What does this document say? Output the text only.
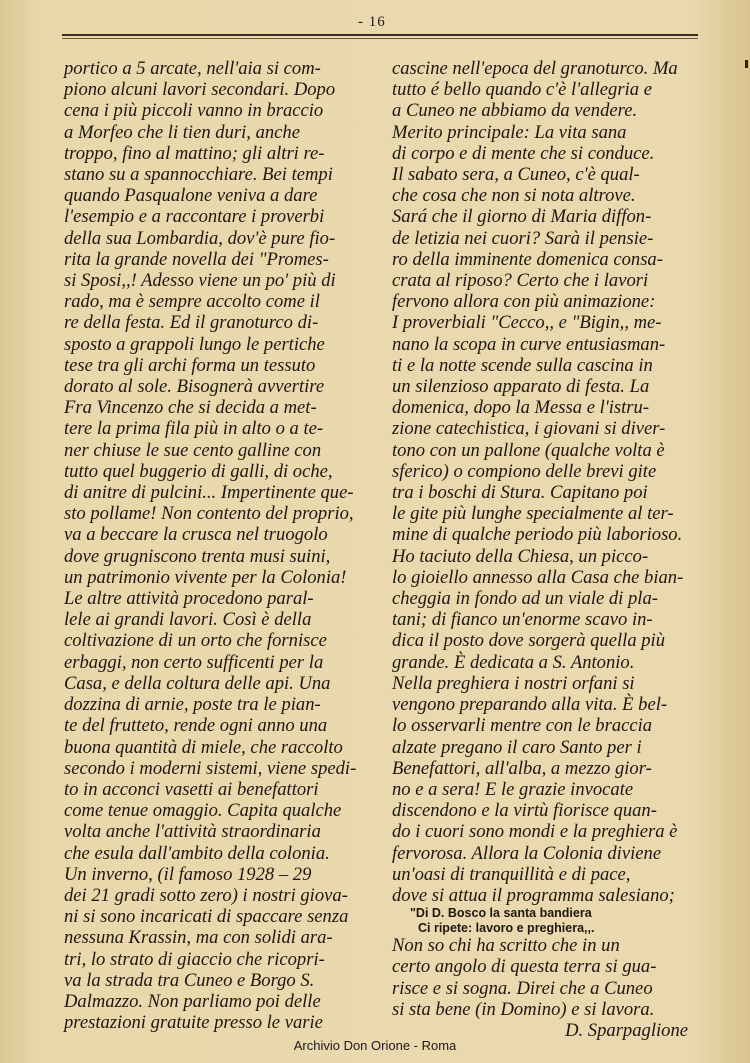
- 16
portico a 5 arcate, nell'aia si com-
piono alcuni lavori secondari. Dopo
cena i più piccoli vanno in braccio
a Morfeo che li tien duri, anche
troppo, fino al mattino; gli altri re-
stano su a spannocchiare. Bei tempi
quando Pasqualone veniva a dare
l'esempio e a raccontare i proverbi
della sua Lombardia, dov'è pure fio-
rita la grande novella dei "Promes-
si Sposi,,! Adesso viene un po' più di
rado, ma è sempre accolto come il
re della festa. Ed il granoturco di-
sposto a grappoli lungo le pertiche
tese tra gli archi forma un tessuto
dorato al sole. Bisognerà avvertire
Fra Vincenzo che si decida a met-
tere la prima fila più in alto o a te-
ner chiuse le sue cento galline con
tutto quel buggerio di galli, di oche,
di anitre di pulcini... Impertinente que-
sto pollame! Non contento del proprio,
va a beccare la crusca nel truogolo
dove grugniscono trenta musi suini,
un patrimonio vivente per la Colonia!
Le altre attività procedono paral-
lele ai grandi lavori. Così è della
coltivazione di un orto che fornisce
erbaggi, non certo sufficenti per la
Casa, e della coltura delle api. Una
dozzina di arnie, poste tra le pian-
te del frutteto, rende ogni anno una
buona quantità di miele, che raccolto
secondo i moderni sistemi, viene spedi-
to in acconci vasetti ai benefattori
come tenue omaggio. Capita qualche
volta anche l'attività straordinaria
che esula dall'ambito della colonia.
Un inverno, (il famoso 1928 – 29
dei 21 gradi sotto zero) i nostri giova-
ni si sono incaricati di spaccare senza
nessuna Krassin, ma con solidi ara-
tri, lo strato di giaccio che ricopri-
va la strada tra Cuneo e Borgo S.
Dalmazzo. Non parliamo poi delle
prestazioni gratuite presso le varie
cascine nell'epoca del granoturco. Ma
tutto é bello quando c'è l'allegria e
a Cuneo ne abbiamo da vendere.
Merito principale: La vita sana
di corpo e di mente che si conduce.
Il sabato sera, a Cuneo, c'è qual-
che cosa che non si nota altrove.
Sará che il giorno di Maria diffon-
de letizia nei cuori? Sarà il pensie-
ro della imminente domenica consa-
crata al riposo? Certo che i lavori
fervono allora con più animazione:
I proverbiali "Cecco,, e "Bigin,, me-
nano la scopa in curve entusiasman-
ti e la notte scende sulla cascina in
un silenzioso apparato di festa. La
domenica, dopo la Messa e l'istru-
zione catechistica, i giovani si diver-
tono con un pallone (qualche volta è
sferico) o compiono delle brevi gite
tra i boschi di Stura. Capitano poi
le gite più lunghe specialmente al ter-
mine di qualche periodo più laborioso.
Ho taciuto della Chiesa, un picco-
lo gioiello annesso alla Casa che bian-
cheggia in fondo ad un viale di pla-
tani; di fianco un'enorme scavo in-
dica il posto dove sorgerà quella più
grande. È dedicata a S. Antonio.
Nella preghiera i nostri orfani si
vengono preparando alla vita. È bel-
lo osservarli mentre con le braccia
alzate pregano il caro Santo per i
Benefattori, all'alba, a mezzo gior-
no e a sera! E le grazie invocate
discendono e la virtù fiorisce quan-
do i cuori sono mondi e la preghiera è
fervorosa. Allora la Colonia diviene
un'oasi di tranquillità e di pace,
dove si attua il programma salesiano;
"Di D. Bosco la santa bandiera
Ci ripete: lavoro e preghiera,,.
Non so chi ha scritto che in un
certo angolo di questa terra si gua-
risce e si sogna. Direi che a Cuneo
si sta bene (in Domino) e si lavora.
D. Sparpaglione
Archivio Don Orione - Roma
